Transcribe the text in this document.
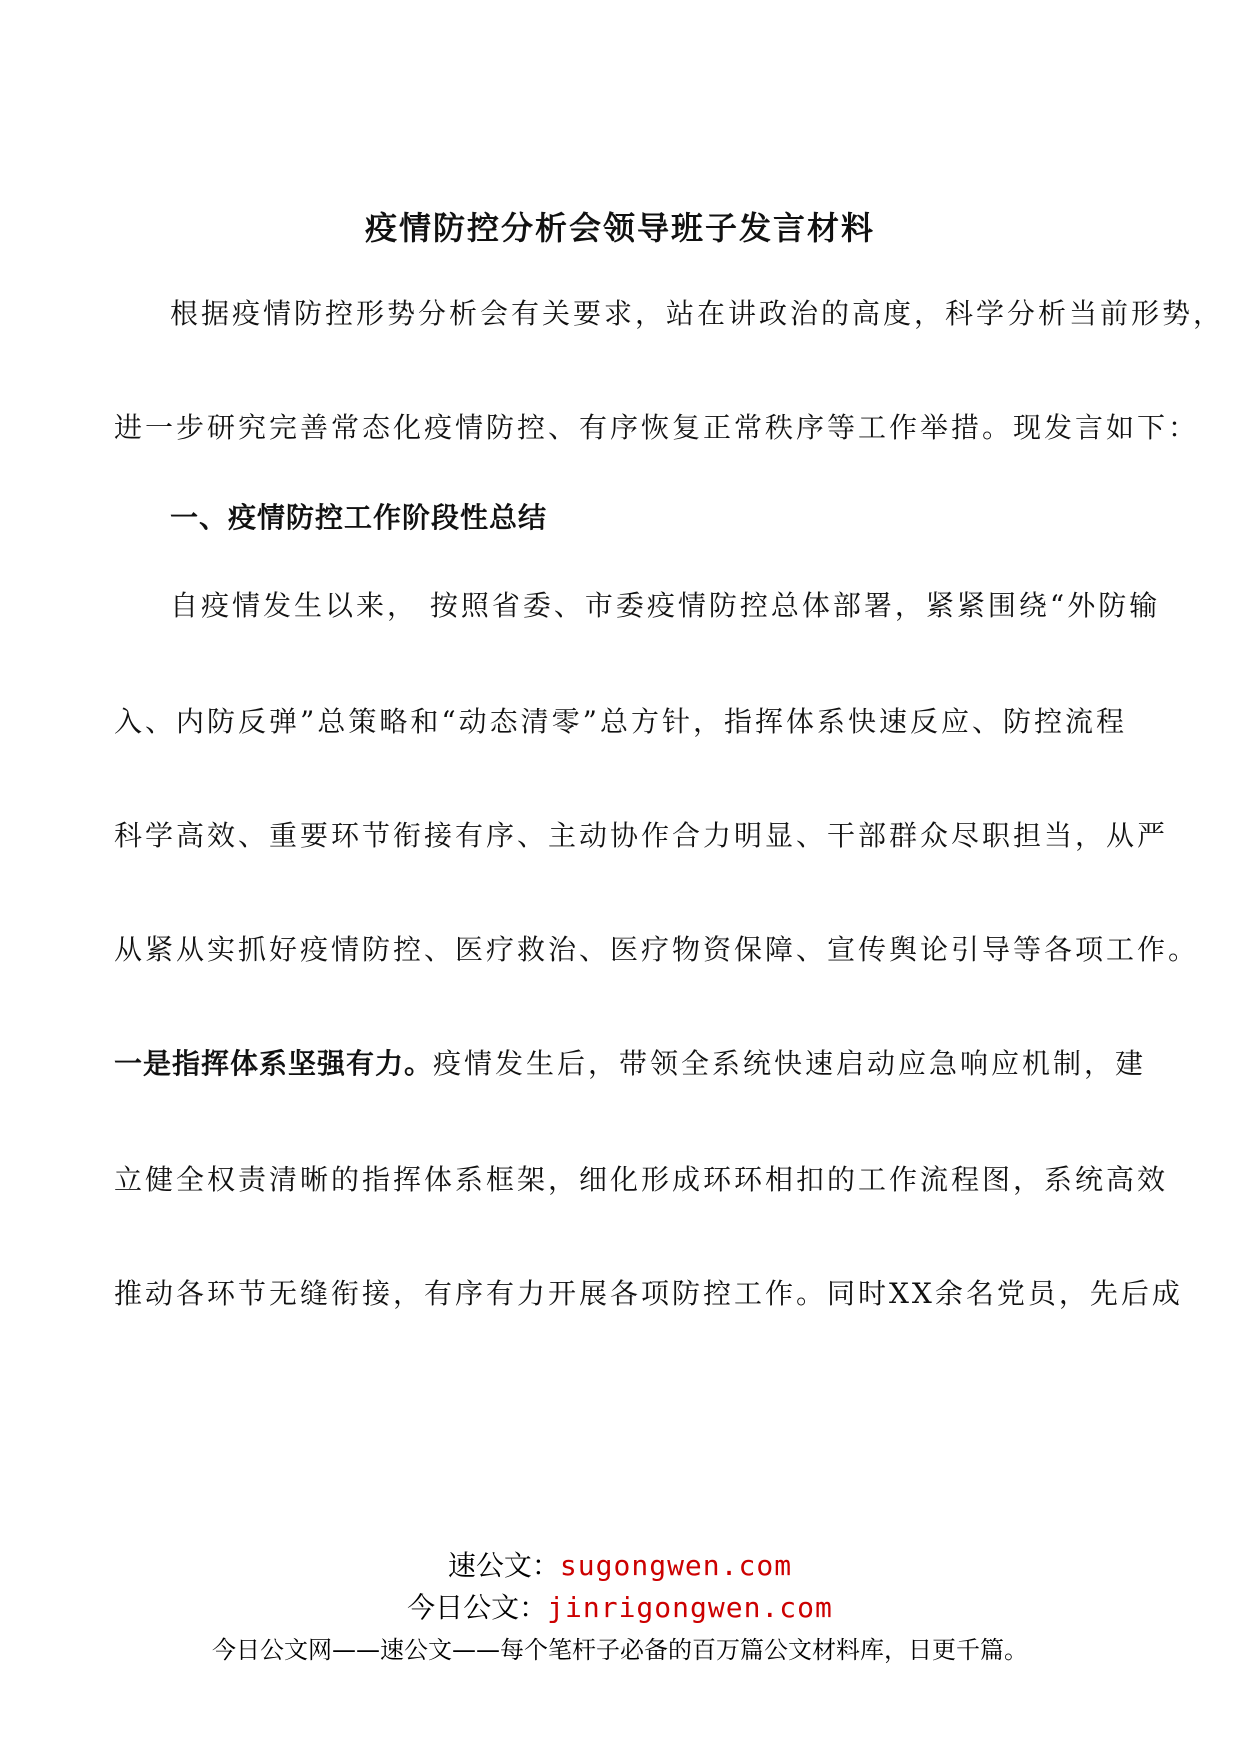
疫情防控分析会领导班子发言材料
根据疫情防控形势分析会有关要求，站在讲政治的高度，科学分析当前形势，
进一步研究完善常态化疫情防控、有序恢复正常秩序等工作举措。现发言如下：
一、疫情防控工作阶段性总结
自疫情发生以来， 按照省委、市委疫情防控总体部署，紧紧围绕“外防输
入、内防反弹”总策略和“动态清零”总方针，指挥体系快速反应、防控流程
科学高效、重要环节衔接有序、主动协作合力明显、干部群众尽职担当，从严
从紧从实抓好疫情防控、医疗救治、医疗物资保障、宣传舆论引导等各项工作。
一是指挥体系坚强有力。疫情发生后，带领全系统快速启动应急响应机制，建
立健全权责清晰的指挥体系框架，细化形成环环相扣的工作流程图，系统高效
推动各环节无缝衔接，有序有力开展各项防控工作。同时XX余名党员，先后成
速公文：sugongwen.com
今日公文：jinrigongwen.com
今日公文网——速公文——每个笔杆子必备的百万篇公文材料库，日更千篇。
